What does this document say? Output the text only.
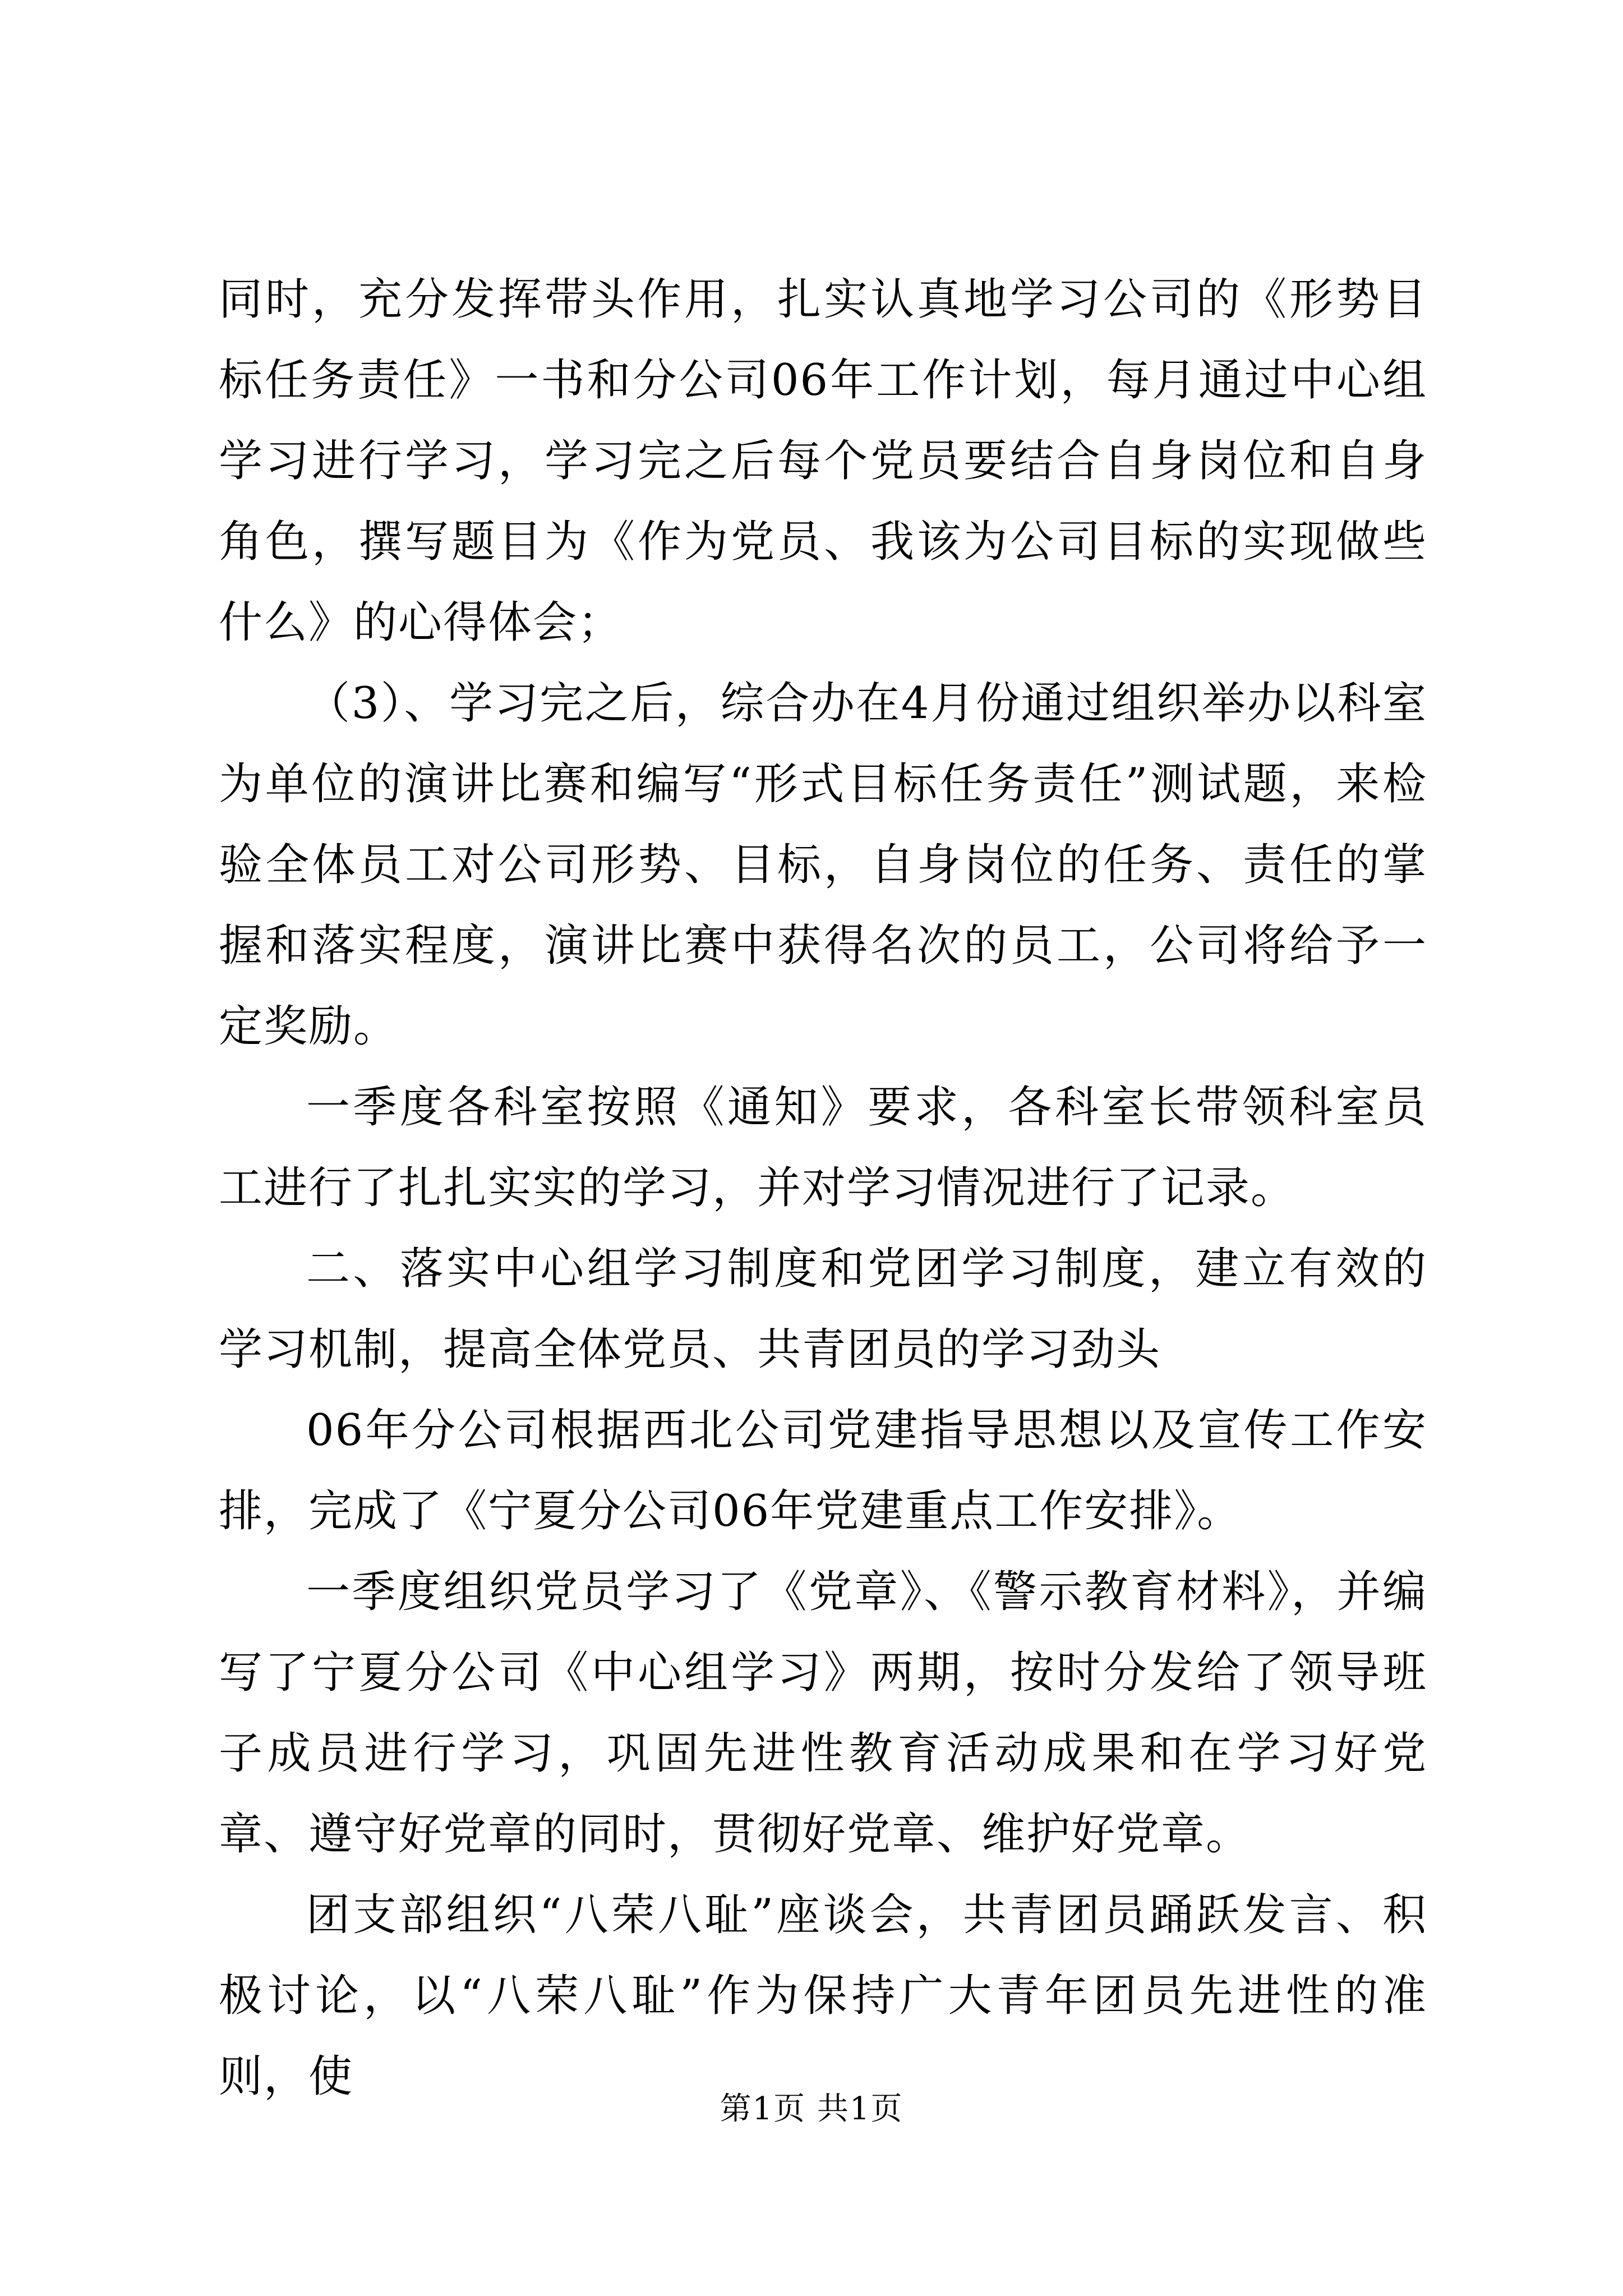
同时，充分发挥带头作用，扎实认真地学习公司的《形势目标任务责任》一书和分公司06年工作计划，每月通过中心组学习进行学习，学习完之后每个党员要结合自身岗位和自身角色，撰写题目为《作为党员、我该为公司目标的实现做些什么》的心得体会；

（3）、学习完之后，综合办在4月份通过组织举办以科室为单位的演讲比赛和编写“形式目标任务责任”测试题，来检验全体员工对公司形势、目标，自身岗位的任务、责任的掌握和落实程度，演讲比赛中获得名次的员工，公司将给予一定奖励。

一季度各科室按照《通知》要求，各科室长带领科室员工进行了扎扎实实的学习，并对学习情况进行了记录。

二、落实中心组学习制度和党团学习制度，建立有效的学习机制，提高全体党员、共青团员的学习劲头

06年分公司根据西北公司党建指导思想以及宣传工作安排，完成了《宁夏分公司06年党建重点工作安排》。

一季度组织党员学习了《党章》、《警示教育材料》，并编写了宁夏分公司《中心组学习》两期，按时分发给了领导班子成员进行学习，巩固先进性教育活动成果和在学习好党章、遵守好党章的同时，贯彻好党章、维护好党章。

团支部组织“八荣八耻”座谈会，共青团员踊跃发言、积极讨论，以“八荣八耻”作为保持广大青年团员先进性的准则，使

第1页 共1页
